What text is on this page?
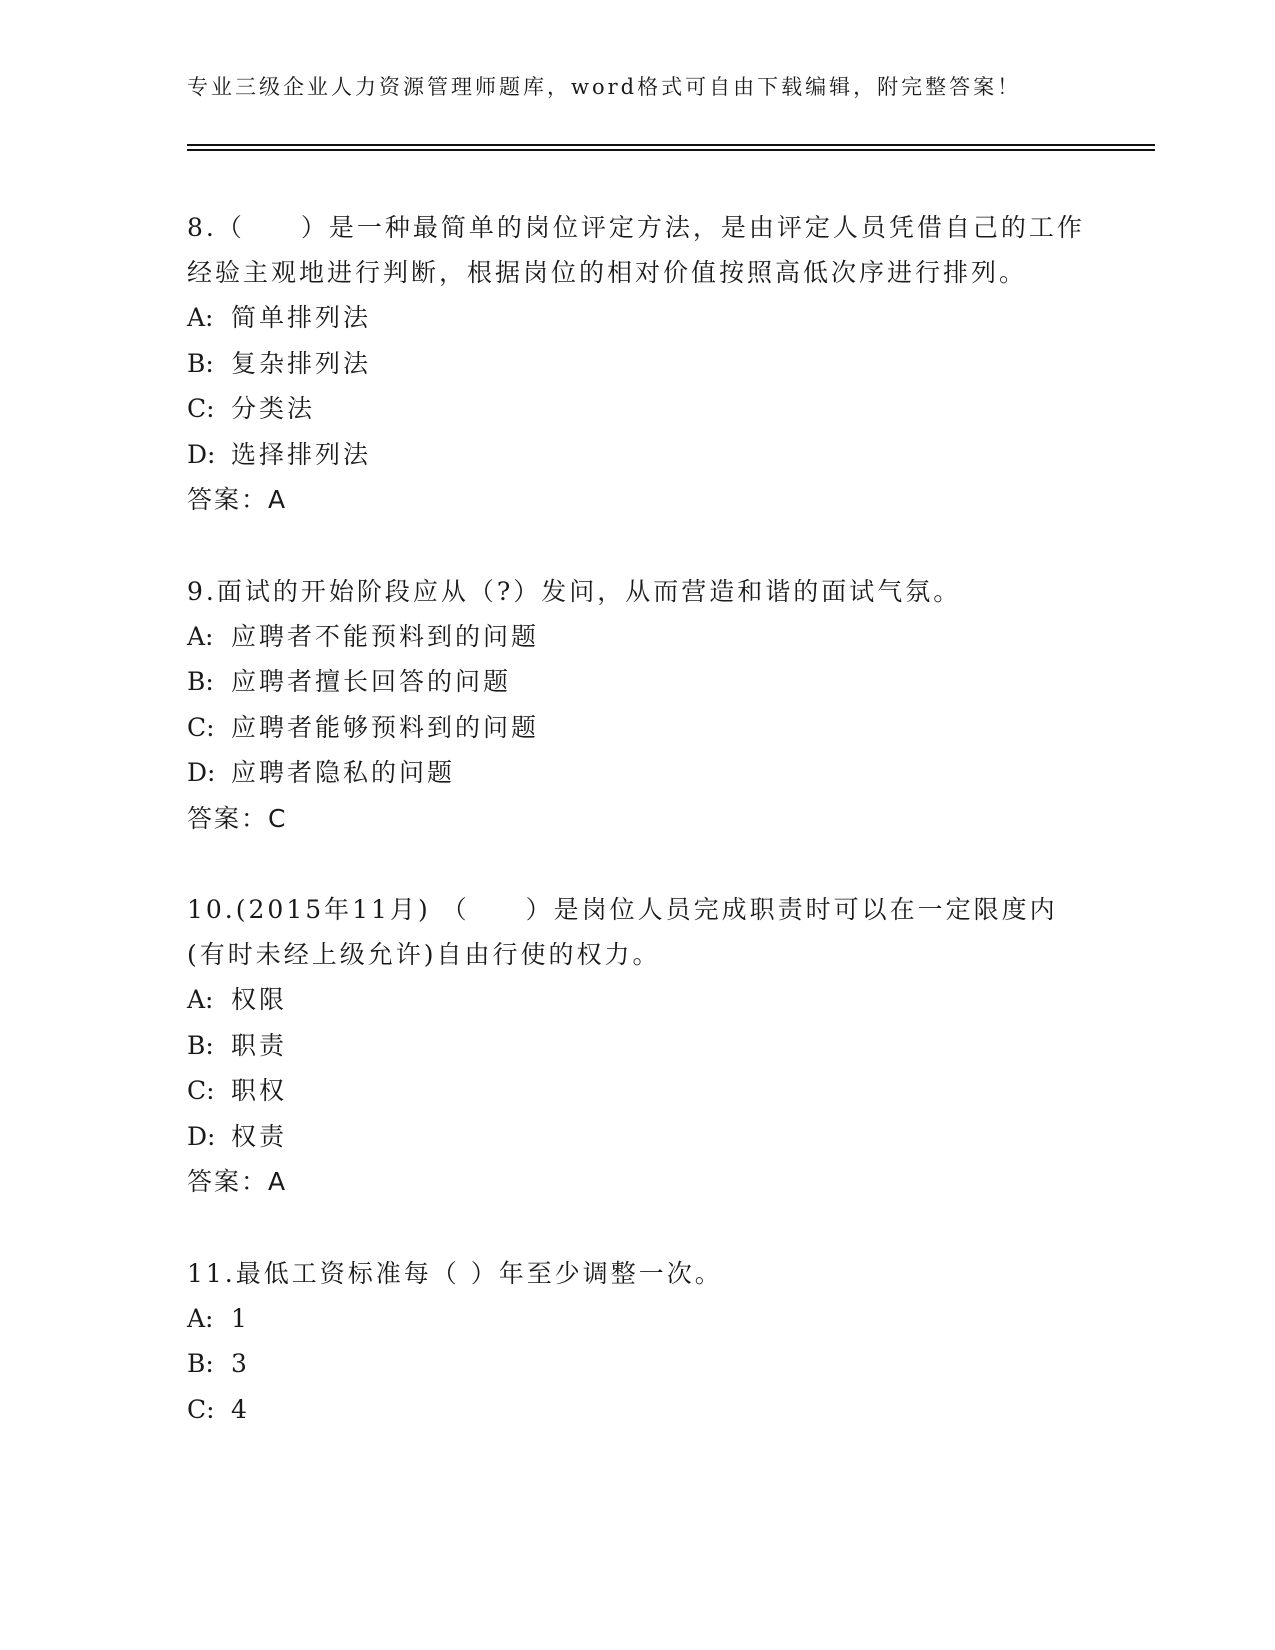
专业三级企业人力资源管理师题库，word格式可自由下载编辑，附完整答案！

8.（　　）是一种最简单的岗位评定方法，是由评定人员凭借自己的工作经验主观地进行判断，根据岗位的相对价值按照高低次序进行排列。

A: 简单排列法
B: 复杂排列法
C: 分类法
D: 选择排列法
答案：A

9.面试的开始阶段应从（?）发问，从而营造和谐的面试气氛。

A: 应聘者不能预料到的问题
B: 应聘者擅长回答的问题
C: 应聘者能够预料到的问题
D: 应聘者隐私的问题
答案：C

10.(2015年11月) （　　）是岗位人员完成职责时可以在一定限度内(有时未经上级允许)自由行使的权力。

A: 权限
B: 职责
C: 职权
D: 权责
答案：A

11.最低工资标准每（ ）年至少调整一次。

A: 1
B: 3
C: 4
